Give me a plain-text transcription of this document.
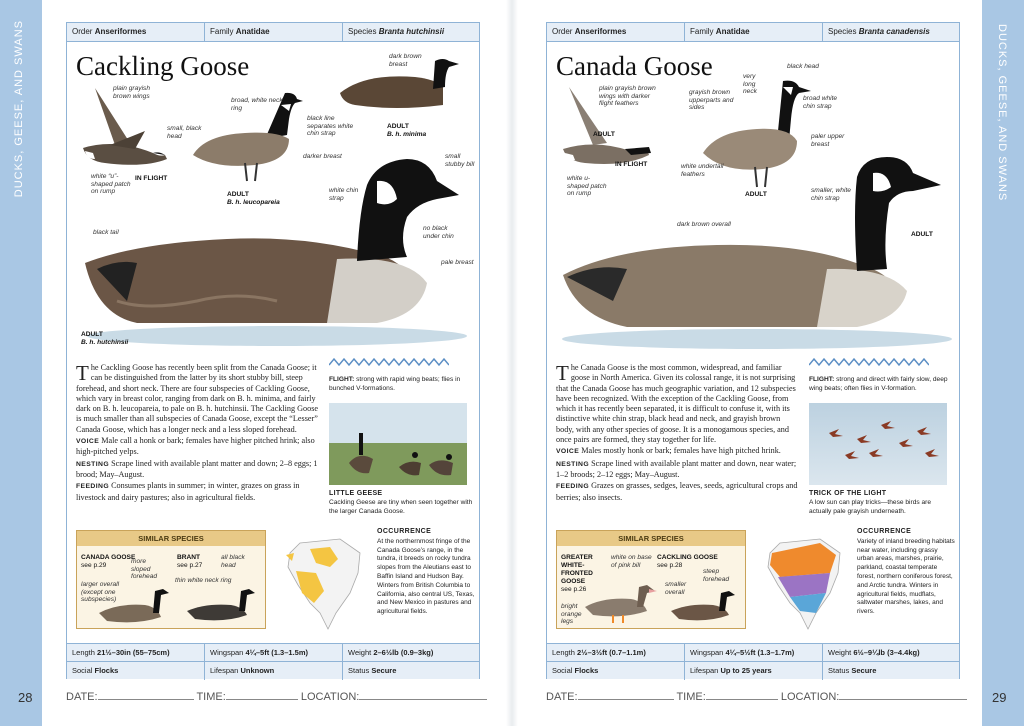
DUCKS, GEESE, AND SWANS	DUCKS, GEESE, AND SWANS
28	29
Order Anseriformes	Family Anatidae	Species Branta hutchinsii
Cackling Goose
plain grayish brown wings
broad, white neck ring
black line separates white chin strap
dark brown breast
small, black head
darker breast
white “u”-shaped patch on rump	white chin strap
small stubby bill
no black under chin
pale breast
black tail
IN FLIGHT
ADULT
B. h. leucopareia
ADULT
B. h. minima
ADULT
B. h. hutchinsii

The Cackling Goose has recently been split from the Canada Goose; it can be distinguished from the latter by its short stubby bill, steep forehead, and short neck. There are four subspecies of Cackling Goose, which vary in breast color, ranging from dark on B. h. minima, and fairly dark on B. h. leucopareia, to pale on B. h. hutchinsii. The Cackling Goose is much smaller than all subspecies of Canada Goose, except the “Lesser” Canada Goose, which has a longer neck and a less sloped forehead.

VOICE Male call a honk or bark; females have higher pitched hrink; also high-pitched yelps.

NESTING Scrape lined with available plant matter and down; 2–8 eggs; 1 brood; May–August.

FEEDING Consumes plants in summer; in winter, grazes on grass in livestock and dairy pastures; also in agricultural fields.

FLIGHT: strong with rapid wing beats; flies in bunched V-formations.
LITTLE GEESE
Cackling Geese are tiny when seen together with the larger Canada Goose.
SIMILAR SPECIES
CANADA GOOSE
see p.29
more sloped forehead
larger overall (except one subspecies)
BRANT
see p.27
all black head
thin white neck ring
OCCURRENCE
At the northernmost fringe of the Canada Goose’s range, in the tundra, it breeds on rocky tundra slopes from the Aleutians east to Baffin Island and Hudson Bay. Winters from British Columbia to California, also central US, Texas, and New Mexico in pastures and agricultural fields.
Length 21½–30in (55–75cm)	Wingspan 4¼–5ft (1.3–1.5m)	Weight 2–6½lb (0.9–3kg)
Social Flocks	Lifespan Unknown	Status Secure
DATE:	TIME:	LOCATION:
Order Anseriformes	Family Anatidae	Species Branta canadensis
Canada Goose
plain grayish brown wings with darker flight feathers
very long neck
black head
grayish brown upperparts and sides
broad white chin strap
paler upper breast
white u-shaped patch on rump
white undertail feathers
smaller, white chin strap
dark brown overall
IN FLIGHT
ADULT
ADULT
ADULT

The Canada Goose is the most common, widespread, and familiar goose in North America. Given its colossal range, it is not surprising that the Canada Goose has much geographic variation, and 12 subspecies have been recognized. With the exception of the Cackling Goose, from which it has recently been separated, it is difficult to confuse it, with its distinctive white chin strap, black head and neck, and grayish brown body, with any other species of goose. It is a monogamous species, and once pairs are formed, they stay together for life.

VOICE Males mostly honk or bark; females have high pitched hrink.

NESTING Scrape lined with available plant matter and down, near water; 1–2 broods; 2–12 eggs; May–August.

FEEDING Grazes on grasses, sedges, leaves, seeds, agricultural crops and berries; also insects.

FLIGHT: strong and direct with fairly slow, deep wing beats; often flies in V-formation.
TRICK OF THE LIGHT
A low sun can play tricks—these birds are actually pale grayish underneath.
SIMILAR SPECIES
GREATER WHITE-FRONTED GOOSE
see p.26
white on base of pink bill
bright orange legs
CACKLING GOOSE
see p.28
steep forehead
smaller overall
OCCURRENCE
Variety of inland breeding habitats near water, including grassy urban areas, marshes, prairie, parkland, coastal temperate forest, northern coniferous forest, and Arctic tundra. Winters in agricultural fields, mudflats, saltwater marshes, lakes, and rivers.
Length 2½–3½ft (0.7–1.1m)	Wingspan 4¼–5½ft (1.3–1.7m)	Weight 6½–9¼lb (3–4.4kg)
Social Flocks	Lifespan Up to 25 years	Status Secure
DATE:	TIME:	LOCATION:
